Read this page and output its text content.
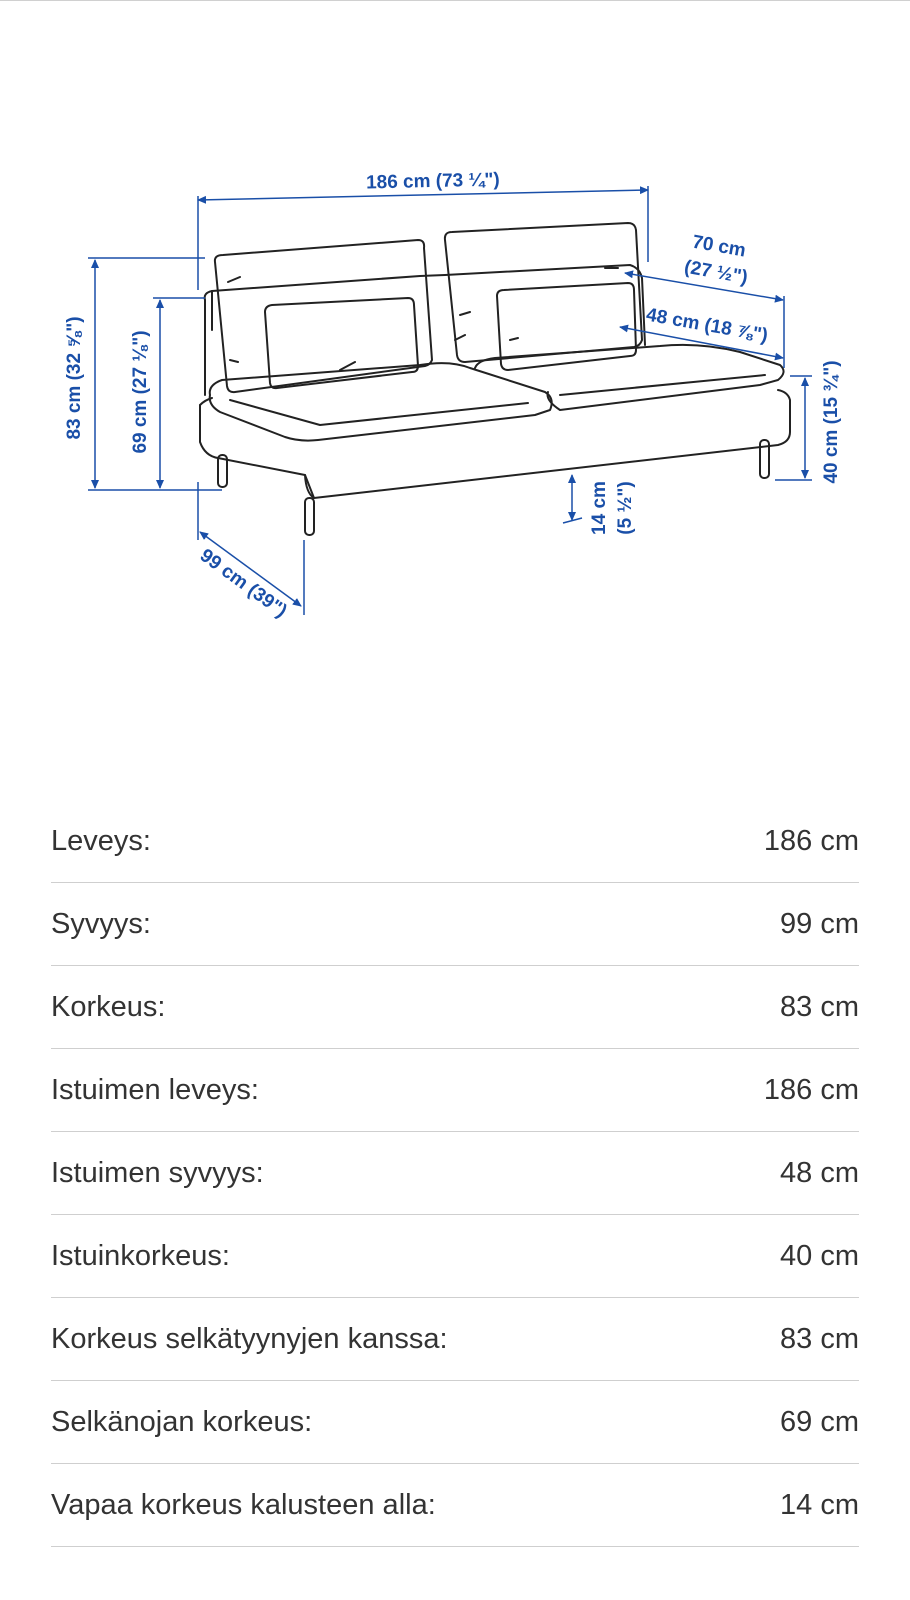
186 cm (73 ¼")
83 cm (32 ⅝") 69 cm (27 ⅛")
70 cm
(27 ½")
48 cm (18 ⅞")
40 cm (15 ¾")
14 cm (5 ½")
99 cm (39")
Leveys:	186 cm
Syvyys:	99 cm
Korkeus:	83 cm
Istuimen leveys:	186 cm
Istuimen syvyys:	48 cm
Istuinkorkeus:	40 cm
Korkeus selkätyynyjen kanssa:	83 cm
Selkänojan korkeus:	69 cm
Vapaa korkeus kalusteen alla:	14 cm
